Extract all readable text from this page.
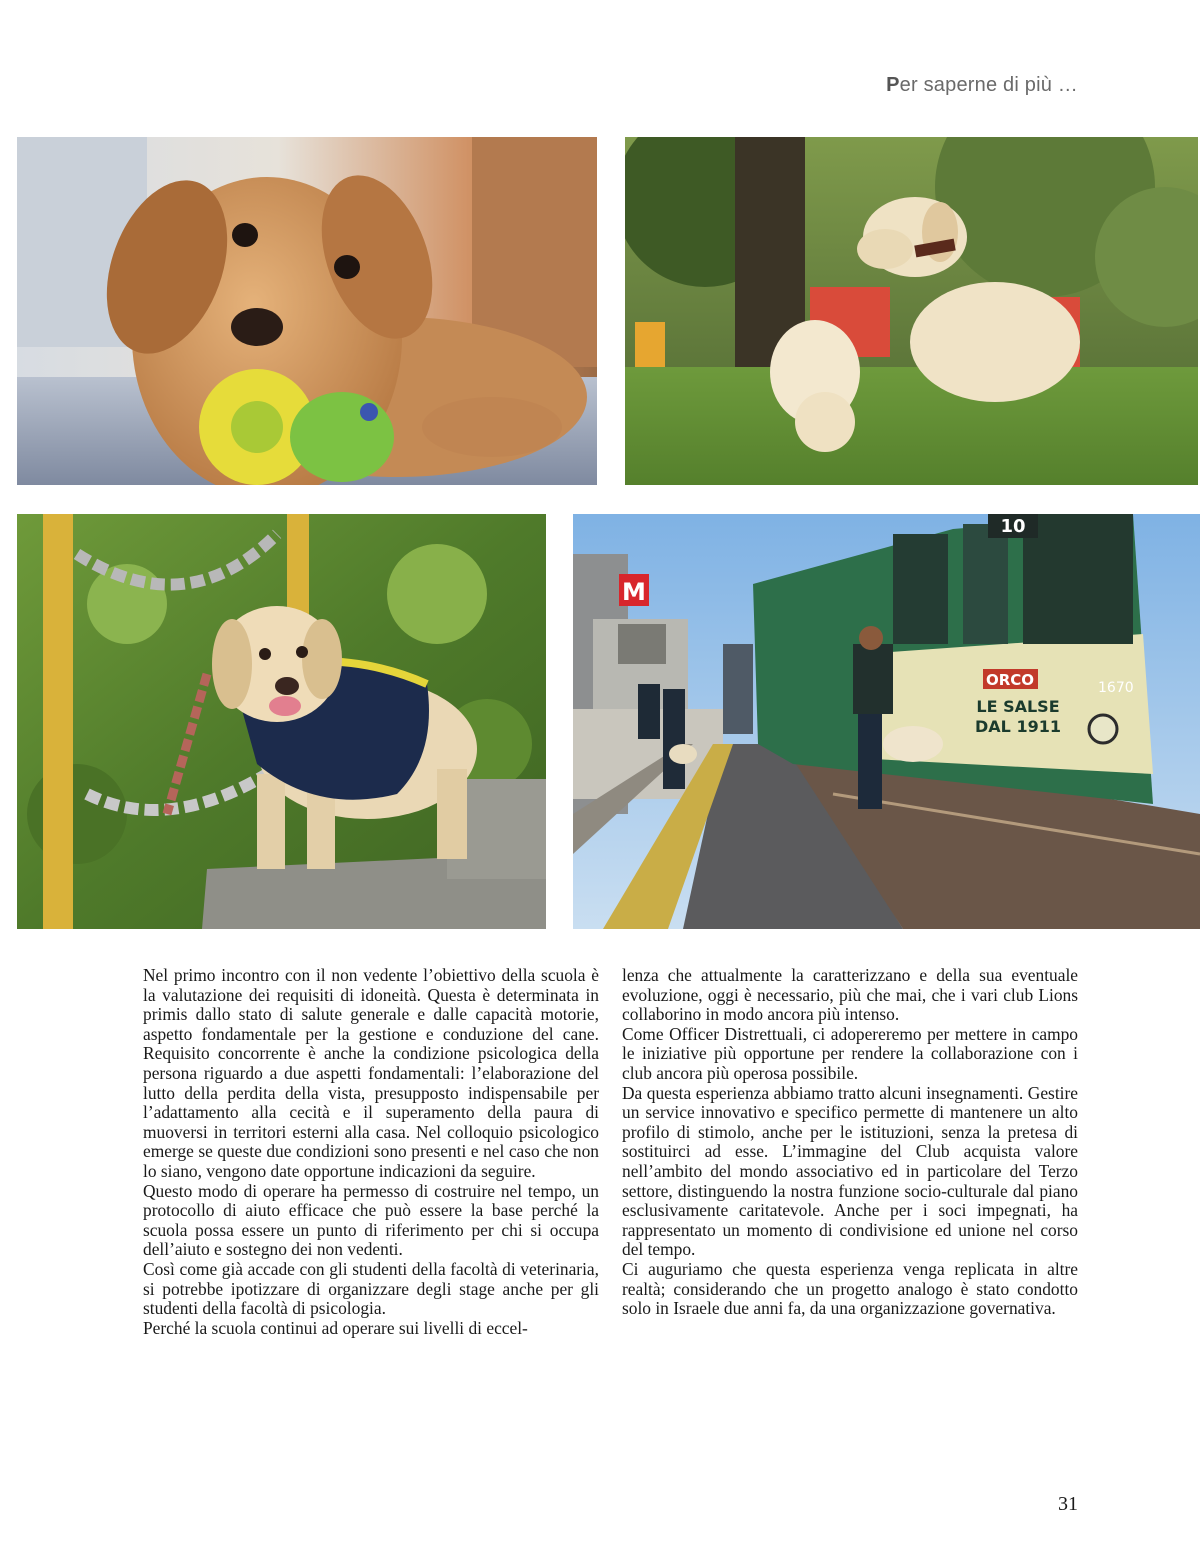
Per saperne di più …
M
10
ORCO
LE SALSE
DAL 1911
1670

Nel primo incontro con il non vedente l’obiettivo della scuola è la valutazione dei requisiti di idoneità. Questa è determinata in primis dallo stato di salute generale e dalle capacità motorie, aspetto fondamentale per la gestione e conduzione del cane. Requisito concorrente è anche la condizione psicologica della persona riguardo a due aspetti fondamentali: l’elaborazione del lutto della perdita della vista, presupposto indispensabile per l’adattamento alla cecità e il superamento della paura di muoversi in territori esterni alla casa. Nel colloquio psicologico emerge se queste due condizioni sono presenti e nel caso che non lo siano, vengono date opportune indicazioni da seguire.

Questo modo di operare ha permesso di costruire nel tempo, un protocollo di aiuto efficace che può essere la base perché la scuola possa essere un punto di riferimento per chi si occupa dell’aiuto e sostegno dei non vedenti.

Così come già accade con gli studenti della facoltà di veterinaria, si potrebbe ipotizzare di organizzare degli stage anche per gli studenti della facoltà di psicologia.

Perché la scuola continui ad operare sui livelli di eccel-

lenza che attualmente la caratterizzano e della sua eventuale evoluzione, oggi è necessario, più che mai, che i vari club Lions collaborino in modo ancora più intenso.

Come Officer Distrettuali, ci adopereremo per mettere in campo le iniziative più opportune per rendere la collaborazione con i club ancora più operosa possibile.

Da questa esperienza abbiamo tratto alcuni insegnamenti. Gestire un service innovativo e specifico permette di mantenere un alto profilo di stimolo, anche per le istituzioni, senza la pretesa di sostituirci ad esse. L’immagine del Club acquista valore nell’ambito del mondo associativo ed in particolare del Terzo settore, distinguendo la nostra funzione socio-culturale dal piano esclusivamente caritatevole. Anche per i soci impegnati, ha rappresentato un momento di condivisione ed unione nel corso del tempo.

Ci auguriamo che questa esperienza venga replicata in altre realtà; considerando che un progetto analogo è stato condotto solo in Israele due anni fa, da una organizzazione governativa.

31
